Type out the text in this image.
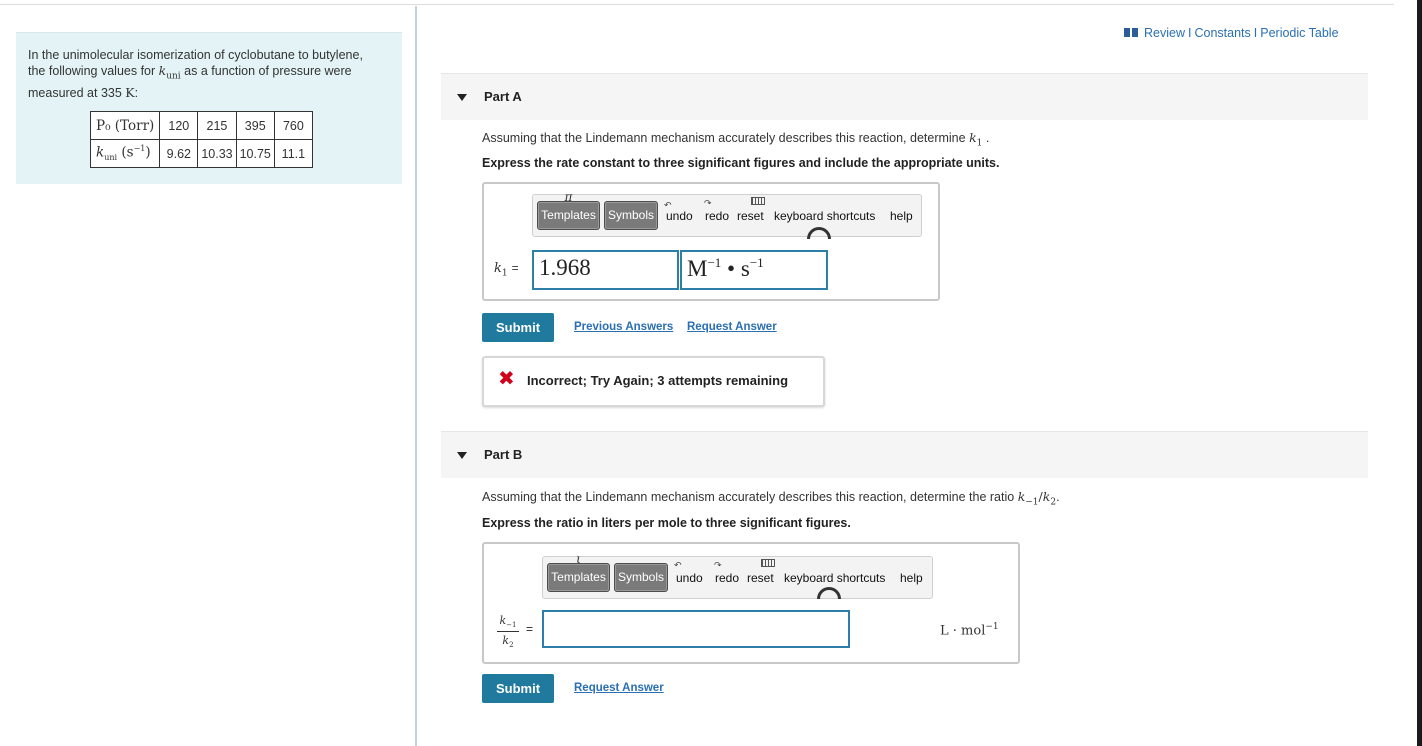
In the unimolecular isomerization of cyclobutane to butylene,
the following values for $k_{uni}$ as a function of pressure were
measured at 335 K:
P₀ (Torr)	120	215	395	760
$k_{uni}$ $(s^{-1})$	9.62	10.33	10.75	11.1
Review I Constants I Periodic Table
Part A
Assuming that the Lindemann mechanism accurately describes this reaction, determine $k_1$ .
Express the rate constant to three significant figures and include the appropriate units.
π
Templates	Symbols
↶
undo
↷
redo reset keyboard shortcuts help
$k_1 = 1.968$	$M^{-1}$ • $s^{-1}$
Submit	Previous Answers Request Answer
✖ Incorrect; Try Again; 3 attempts remaining
Part B
Assuming that the Lindemann mechanism accurately describes this reaction, determine the ratio $k_{-1}/k_2$.
Express the ratio in liters per mole to three significant figures.
ι
Templates	Symbols
↶
undo
↷
redo reset keyboard shortcuts help
$k_{-1}$
$k_2$
=	L · mol$^{-1}$
Submit	Request Answer
